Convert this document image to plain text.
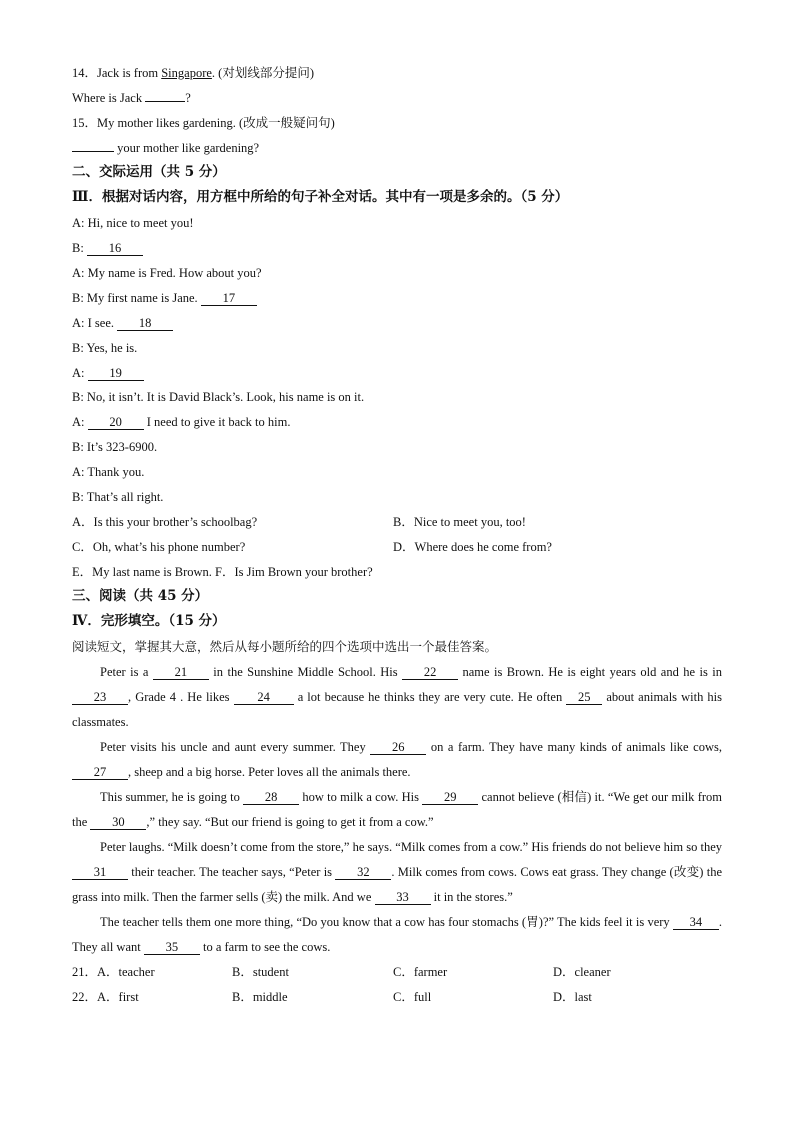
14．Jack is from Singapore. (对划线部分提问)
Where is Jack	?
15．My mother likes gardening. (改成一般疑问句)
your mother like gardening?
二、交际运用（共 5 分）
Ⅲ．根据对话内容，用方框中所给的句子补全对话。其中有一项是多余的。（5 分）
A: Hi, nice to meet you!
B: 16
A: My name is Fred. How about you?
B: My first name is Jane. 17
A: I see. 18
B: Yes, he is.
A: 19
B: No, it isn’t. It is David Black’s. Look, his name is on it.
A: 20 I need to give it back to him.
B: It’s 323-6900.
A: Thank you.
B: That’s all right.
A．Is this your brother’s schoolbag?	B．Nice to meet you, too!
C．Oh, what’s his phone number?	D．Where does he come from?
E．My last name is Brown. F．Is Jim Brown your brother?
三、阅读（共 45 分）
Ⅳ．完形填空。（15 分）
阅读短文，掌握其大意，然后从每小题所给的四个选项中选出一个最佳答案。
Peter is a 21 in the Sunshine Middle School. His 22 name is Brown. He is eight years old and he is in 23 , Grade 4 . He likes 24 a lot because he thinks they are very cute. He often 25 about animals with his classmates.
Peter visits his uncle and aunt every summer. They 26 on a farm. They have many kinds of animals like cows, 27 , sheep and a big horse. Peter loves all the animals there.
This summer, he is going to 28 how to milk a cow. His 29 cannot believe (相信) it. “We get our milk from the 30 ,” they say. “But our friend is going to get it from a cow.”
Peter laughs. “Milk doesn’t come from the store,” he says. “Milk comes from a cow.” His friends do not believe him so they 31 their teacher. The teacher says, “Peter is 32 . Milk comes from cows. Cows eat grass. They change (改变) the grass into milk. Then the farmer sells (卖) the milk. And we 33 it in the stores.”
The teacher tells them one more thing, “Do you know that a cow has four stomachs (胃)?” The kids feel it is very 34 . They all want 35 to a farm to see the cows.
21．A．teacher	B．student	C．farmer	D．cleaner
22．A．first	B．middle	C．full	D．last
